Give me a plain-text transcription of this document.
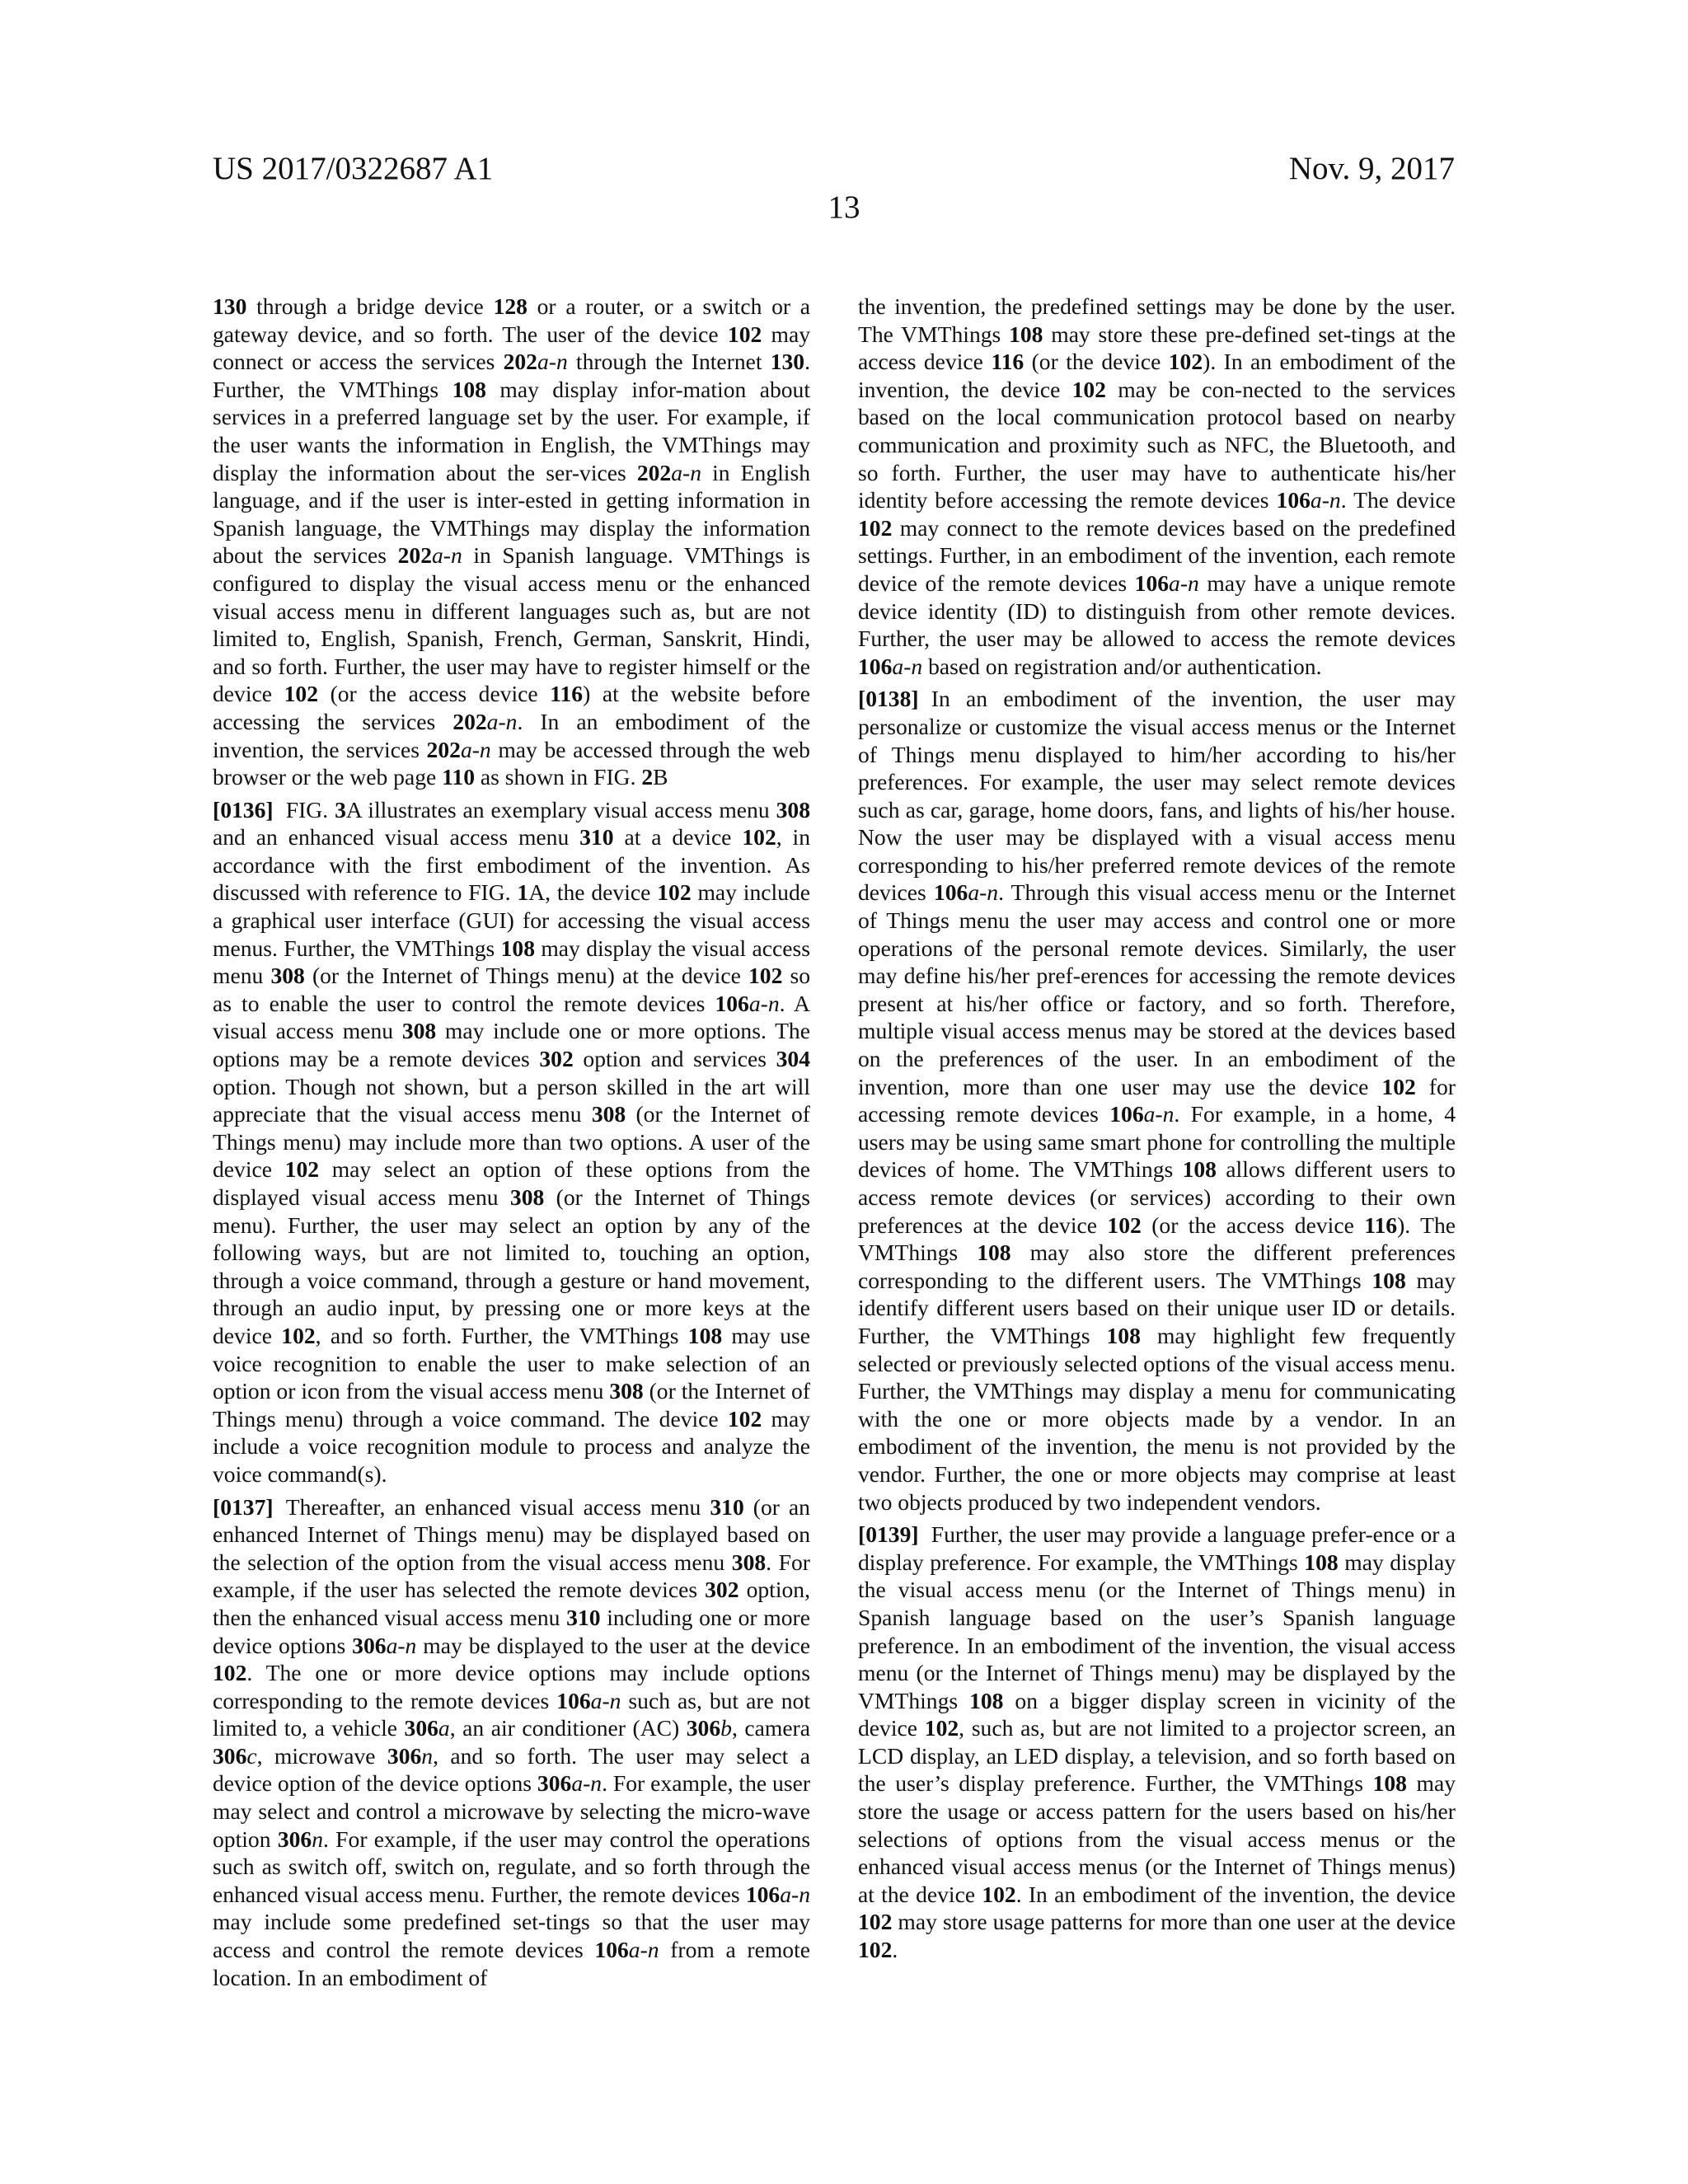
US 2017/0322687 A1
13
Nov. 9, 2017

130 through a bridge device 128 or a router, or a switch or a gateway device, and so forth. The user of the device 102 may connect or access the services 202a-n through the Internet 130. Further, the VMThings 108 may display infor-mation about services in a preferred language set by the user. For example, if the user wants the information in English, the VMThings may display the information about the ser-vices 202a-n in English language, and if the user is inter-ested in getting information in Spanish language, the VMThings may display the information about the services 202a-n in Spanish language. VMThings is configured to display the visual access menu or the enhanced visual access menu in different languages such as, but are not limited to, English, Spanish, French, German, Sanskrit, Hindi, and so forth. Further, the user may have to register himself or the device 102 (or the access device 116) at the website before accessing the services 202a-n. In an embodiment of the invention, the services 202a-n may be accessed through the web browser or the web page 110 as shown in FIG. 2B

[0136] FIG. 3A illustrates an exemplary visual access menu 308 and an enhanced visual access menu 310 at a device 102, in accordance with the first embodiment of the invention. As discussed with reference to FIG. 1A, the device 102 may include a graphical user interface (GUI) for accessing the visual access menus. Further, the VMThings 108 may display the visual access menu 308 (or the Internet of Things menu) at the device 102 so as to enable the user to control the remote devices 106a-n. A visual access menu 308 may include one or more options. The options may be a remote devices 302 option and services 304 option. Though not shown, but a person skilled in the art will appreciate that the visual access menu 308 (or the Internet of Things menu) may include more than two options. A user of the device 102 may select an option of these options from the displayed visual access menu 308 (or the Internet of Things menu). Further, the user may select an option by any of the following ways, but are not limited to, touching an option, through a voice command, through a gesture or hand movement, through an audio input, by pressing one or more keys at the device 102, and so forth. Further, the VMThings 108 may use voice recognition to enable the user to make selection of an option or icon from the visual access menu 308 (or the Internet of Things menu) through a voice command. The device 102 may include a voice recognition module to process and analyze the voice command(s).

[0137] Thereafter, an enhanced visual access menu 310 (or an enhanced Internet of Things menu) may be displayed based on the selection of the option from the visual access menu 308. For example, if the user has selected the remote devices 302 option, then the enhanced visual access menu 310 including one or more device options 306a-n may be displayed to the user at the device 102. The one or more device options may include options corresponding to the remote devices 106a-n such as, but are not limited to, a vehicle 306a, an air conditioner (AC) 306b, camera 306c, microwave 306n, and so forth. The user may select a device option of the device options 306a-n. For example, the user may select and control a microwave by selecting the micro-wave option 306n. For example, if the user may control the operations such as switch off, switch on, regulate, and so forth through the enhanced visual access menu. Further, the remote devices 106a-n may include some predefined set-tings so that the user may access and control the remote devices 106a-n from a remote location. In an embodiment of

the invention, the predefined settings may be done by the user. The VMThings 108 may store these pre-defined set-tings at the access device 116 (or the device 102). In an embodiment of the invention, the device 102 may be con-nected to the services based on the local communication protocol based on nearby communication and proximity such as NFC, the Bluetooth, and so forth. Further, the user may have to authenticate his/her identity before accessing the remote devices 106a-n. The device 102 may connect to the remote devices based on the predefined settings. Further, in an embodiment of the invention, each remote device of the remote devices 106a-n may have a unique remote device identity (ID) to distinguish from other remote devices. Further, the user may be allowed to access the remote devices 106a-n based on registration and/or authentication.

[0138] In an embodiment of the invention, the user may personalize or customize the visual access menus or the Internet of Things menu displayed to him/her according to his/her preferences. For example, the user may select remote devices such as car, garage, home doors, fans, and lights of his/her house. Now the user may be displayed with a visual access menu corresponding to his/her preferred remote devices of the remote devices 106a-n. Through this visual access menu or the Internet of Things menu the user may access and control one or more operations of the personal remote devices. Similarly, the user may define his/her pref-erences for accessing the remote devices present at his/her office or factory, and so forth. Therefore, multiple visual access menus may be stored at the devices based on the preferences of the user. In an embodiment of the invention, more than one user may use the device 102 for accessing remote devices 106a-n. For example, in a home, 4 users may be using same smart phone for controlling the multiple devices of home. The VMThings 108 allows different users to access remote devices (or services) according to their own preferences at the device 102 (or the access device 116). The VMThings 108 may also store the different preferences corresponding to the different users. The VMThings 108 may identify different users based on their unique user ID or details. Further, the VMThings 108 may highlight few frequently selected or previously selected options of the visual access menu. Further, the VMThings may display a menu for communicating with the one or more objects made by a vendor. In an embodiment of the invention, the menu is not provided by the vendor. Further, the one or more objects may comprise at least two objects produced by two independent vendors.

[0139] Further, the user may provide a language prefer-ence or a display preference. For example, the VMThings 108 may display the visual access menu (or the Internet of Things menu) in Spanish language based on the user’s Spanish language preference. In an embodiment of the invention, the visual access menu (or the Internet of Things menu) may be displayed by the VMThings 108 on a bigger display screen in vicinity of the device 102, such as, but are not limited to a projector screen, an LCD display, an LED display, a television, and so forth based on the user’s display preference. Further, the VMThings 108 may store the usage or access pattern for the users based on his/her selections of options from the visual access menus or the enhanced visual access menus (or the Internet of Things menus) at the device 102. In an embodiment of the invention, the device 102 may store usage patterns for more than one user at the device 102.
